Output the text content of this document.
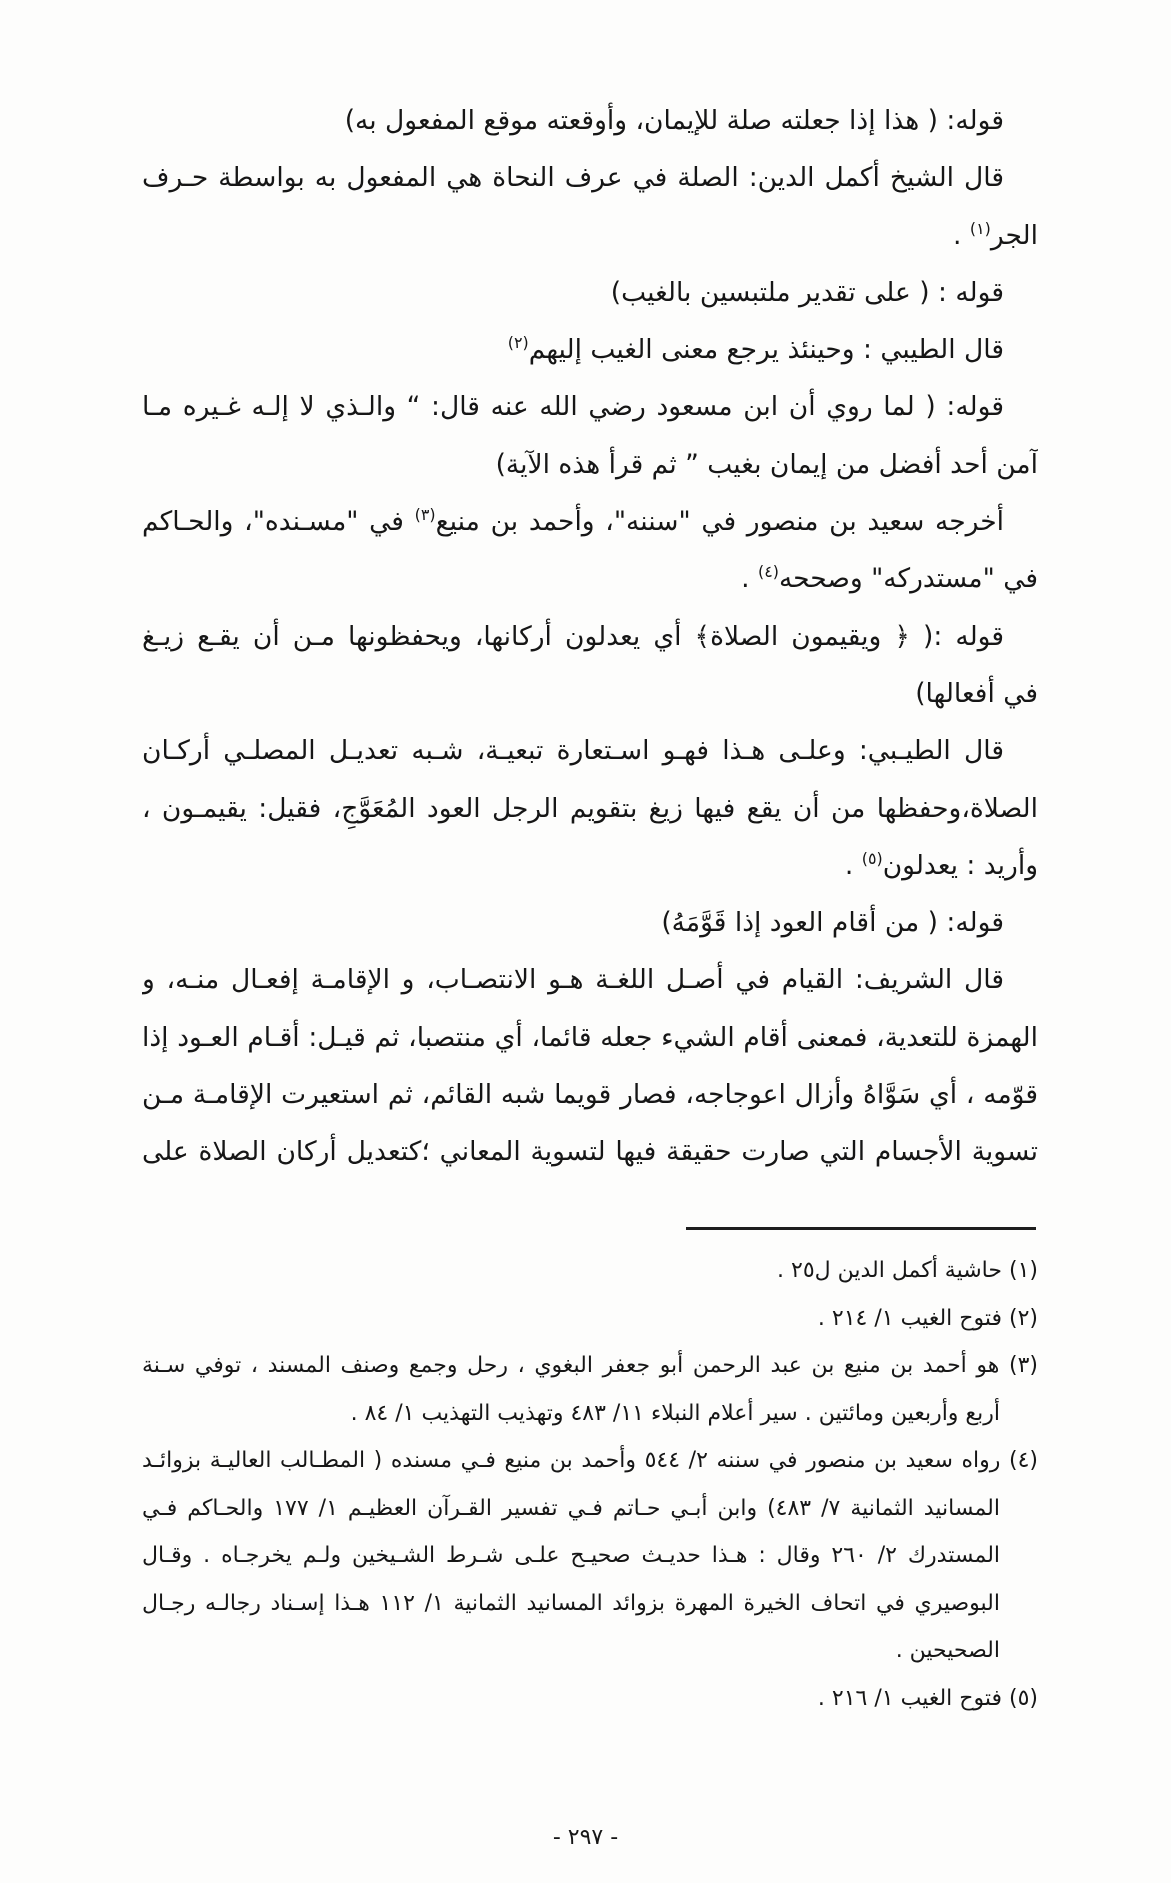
قوله: ( هذا إذا جعلته صلة للإيمان، وأوقعته موقع المفعول به)
قال الشيخ أكمل الدين: الصلة في عرف النحاة هي المفعول به بواسطة حـرف
الجر$^{(١)}$ .
قوله : ( على تقدير ملتبسين بالغيب)
قال الطيبي : وحينئذ يرجع معنى الغيب إليهم$^{(٢)}$
قوله: ( لما روي أن ابن مسعود رضي الله عنه قال: “ والـذي لا إلـه غـيره مـا
آمن أحد أفضل من إيمان بغيب ” ثم قرأ هذه الآية)
أخرجه سعيد بن منصور في "سننه"، وأحمد بن منيع$^{(٣)}$ في "مسـنده"، والحـاكم
في "مستدركه" وصححه$^{(٤)}$ .
قوله :( ﴿ ويقيمون الصلاة﴾ أي يعدلون أركانها، ويحفظونها مـن أن يقـع زيـغ
في أفعالها)
قال الطيـبي: وعلـى هـذا فهـو اسـتعارة تبعيـة، شـبه تعديـل المصلـي أركـان
الصلاة،وحفظها من أن يقع فيها زيغ بتقويم الرجل العود المُعَوَّجِ، فقيل: يقيمـون ،
وأريد : يعدلون$^{(٥)}$ .
قوله: ( من أقام العود إذا قَوَّمَهُ)
قال الشريف: القيام في أصـل اللغـة هـو الانتصـاب، و الإقامـة إفعـال منـه، و
الهمزة للتعدية، فمعنى أقام الشيء جعله قائما، أي منتصبا، ثم قيـل: أقـام العـود إذا
قوّمه ، أي سَوَّاهُ وأزال اعوجاجه، فصار قويما شبه القائم، ثم استعيرت الإقامـة مـن
تسوية الأجسام التي صارت حقيقة فيها لتسوية المعاني ؛كتعديل أركان الصلاة على
(١) حاشية أكمل الدين ل٢٥ .
(٢) فتوح الغيب ١/ ٢١٤ .
(٣) هو أحمد بن منيع بن عبد الرحمن أبو جعفر البغوي ، رحل وجمع وصنف المسند ، توفي سـنة
أربع وأربعين ومائتين . سير أعلام النبلاء ١١/ ٤٨٣ وتهذيب التهذيب ١/ ٨٤ .
(٤) رواه سعيد بن منصور في سننه ٢/ ٥٤٤ وأحمد بن منيع فـي مسنده ( المطـالب العاليـة بزوائـد
المسانيد الثمانية ٧/ ٤٨٣) وابن أبـي حـاتم فـي تفسير القـرآن العظيـم ١/ ١٧٧ والحـاكم فـي
المستدرك ٢/ ٢٦٠ وقال : هـذا حديـث صحيـح علـى شـرط الشـيخين ولـم يخرجـاه . وقـال
البوصيري في اتحاف الخيرة المهرة بزوائد المسانيد الثمانية ١/ ١١٢ هـذا إسـناد رجالـه رجـال
الصحيحين .
(٥) فتوح الغيب ١/ ٢١٦ .
- ٢٩٧ -
